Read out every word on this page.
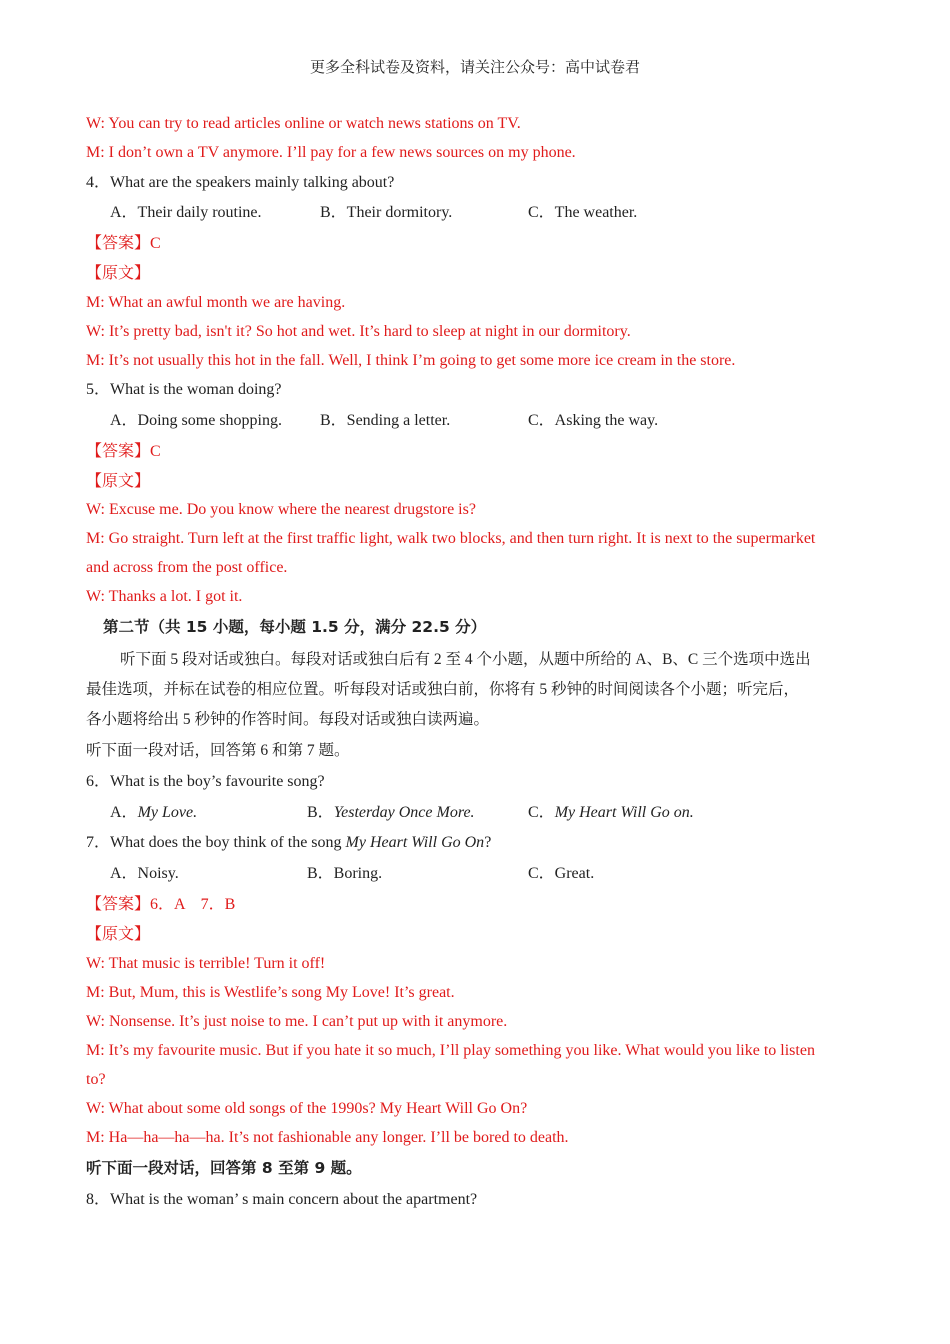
更多全科试卷及资料，请关注公众号：高中试卷君
W: You can try to read articles online or watch news stations on TV.
M: I don’t own a TV anymore. I’ll pay for a few news sources on my phone.
4．What are the speakers mainly talking about?
A．Their daily routine.	B．Their dormitory.	C．The weather.
【答案】C
【原文】
M: What an awful month we are having.
W: It’s pretty bad, isn't it? So hot and wet. It’s hard to sleep at night in our dormitory.
M: It’s not usually this hot in the fall. Well, I think I’m going to get some more ice cream in the store.
5．What is the woman doing?
A．Doing some shopping. B．Sending a letter.	C．Asking the way.
【答案】C
【原文】
W: Excuse me. Do you know where the nearest drugstore is?
M: Go straight. Turn left at the first traffic light, walk two blocks, and then turn right. It is next to the supermarket
and across from the post office.
W: Thanks a lot. I got it.
第二节（共 15 小题，每小题 1.5 分，满分 22.5 分）
听下面 5 段对话或独白。每段对话或独白后有 2 至 4 个小题，从题中所给的 A、B、C 三个选项中选出
最佳选项，并标在试卷的相应位置。听每段对话或独白前，你将有 5 秒钟的时间阅读各个小题；听完后，
各小题将给出 5 秒钟的作答时间。每段对话或独白读两遍。
听下面一段对话，回答第 6 和第 7 题。
6．What is the boy’s favourite song?
A．My Love.	B．Yesterday Once More.	C．My Heart Will Go on.
7．What does the boy think of the song My Heart Will Go On?
A．Noisy.	B．Boring.	C．Great.
【答案】6．A　7．B
【原文】
W: That music is terrible! Turn it off!
M: But, Mum, this is Westlife’s song My Love! It’s great.
W: Nonsense. It’s just noise to me. I can’t put up with it anymore.
M: It’s my favourite music. But if you hate it so much, I’ll play something you like. What would you like to listen
to?
W: What about some old songs of the 1990s? My Heart Will Go On?
M: Ha—ha—ha—ha. It’s not fashionable any longer. I’ll be bored to death.
听下面一段对话，回答第 8 至第 9 题。
8．What is the woman’ s main concern about the apartment?
